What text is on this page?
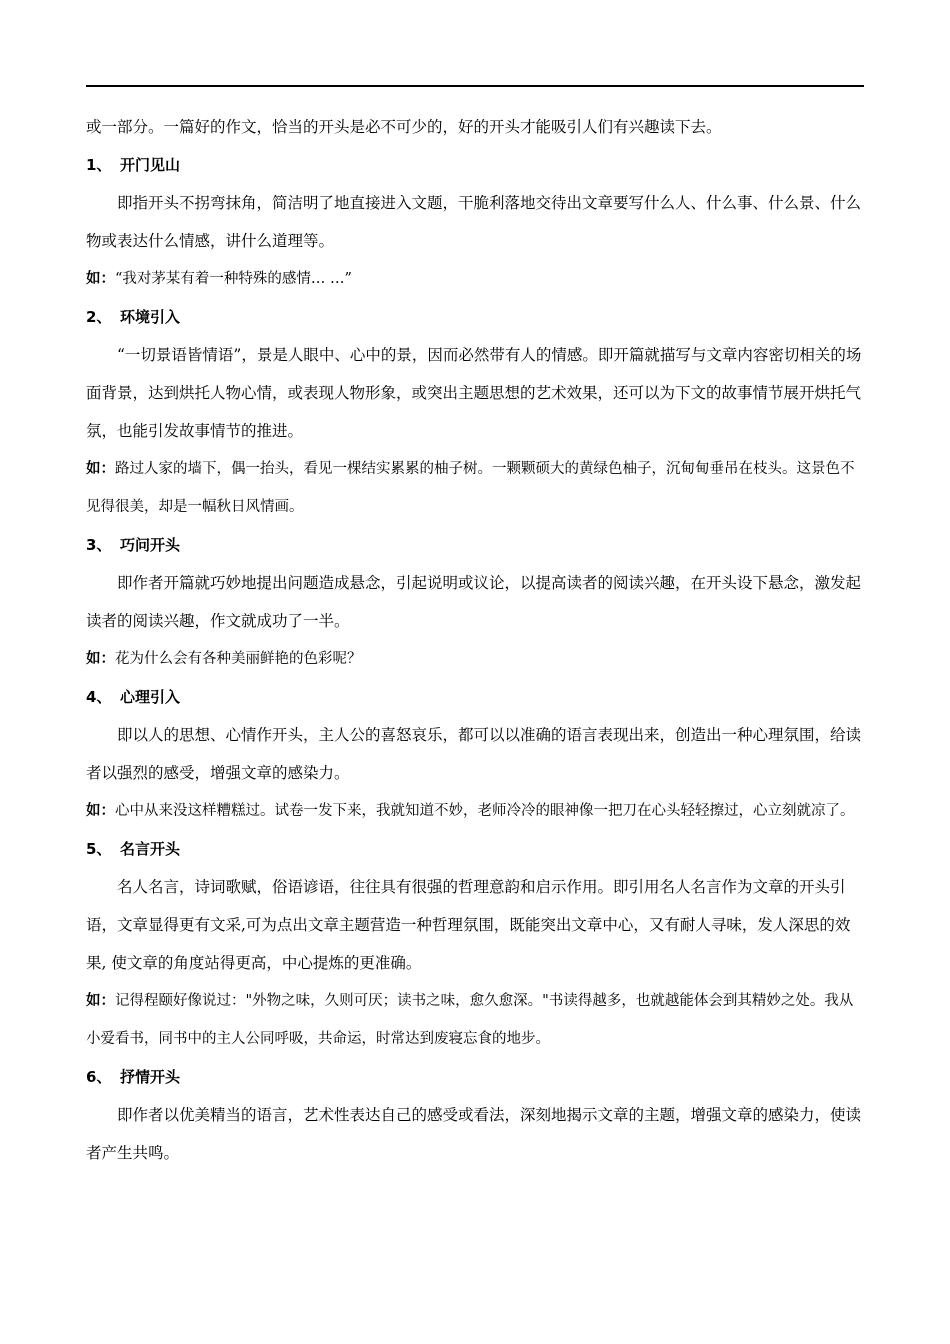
或一部分。一篇好的作文，恰当的开头是必不可少的，好的开头才能吸引人们有兴趣读下去。

1、 开门见山

即指开头不拐弯抹角，简洁明了地直接进入文题，干脆利落地交待出文章要写什么人、什么事、什么景、什么物或表达什么情感，讲什么道理等。

如：“我对茅某有着一种特殊的感情… …”

2、 环境引入

“一切景语皆情语”，景是人眼中、心中的景，因而必然带有人的情感。即开篇就描写与文章内容密切相关的场面背景，达到烘托人物心情，或表现人物形象，或突出主题思想的艺术效果，还可以为下文的故事情节展开烘托气氛，也能引发故事情节的推进。

如：路过人家的墙下，偶一抬头，看见一棵结实累累的柚子树。一颗颗硕大的黄绿色柚子，沉甸甸垂吊在枝头。这景色不见得很美，却是一幅秋日风情画。

3、 巧问开头

即作者开篇就巧妙地提出问题造成悬念，引起说明或议论，以提高读者的阅读兴趣，在开头设下悬念，激发起读者的阅读兴趣，作文就成功了一半。

如：花为什么会有各种美丽鲜艳的色彩呢？

4、 心理引入

即以人的思想、心情作开头，主人公的喜怒哀乐，都可以以准确的语言表现出来，创造出一种心理氛围，给读者以强烈的感受，增强文章的感染力。

如：心中从来没这样糟糕过。试卷一发下来，我就知道不妙，老师冷冷的眼神像一把刀在心头轻轻擦过，心立刻就凉了。

5、 名言开头

名人名言，诗词歌赋，俗语谚语，往往具有很强的哲理意韵和启示作用。即引用名人名言作为文章的开头引语，文章显得更有文采,可为点出文章主题营造一种哲理氛围，既能突出文章中心，又有耐人寻味，发人深思的效果, 使文章的角度站得更高，中心提炼的更准确。

如：记得程颐好像说过："外物之味，久则可厌；读书之味，愈久愈深。"书读得越多，也就越能体会到其精妙之处。我从小爱看书，同书中的主人公同呼吸，共命运，时常达到废寝忘食的地步。

6、 抒情开头

即作者以优美精当的语言，艺术性表达自己的感受或看法，深刻地揭示文章的主题，增强文章的感染力，使读者产生共鸣。
